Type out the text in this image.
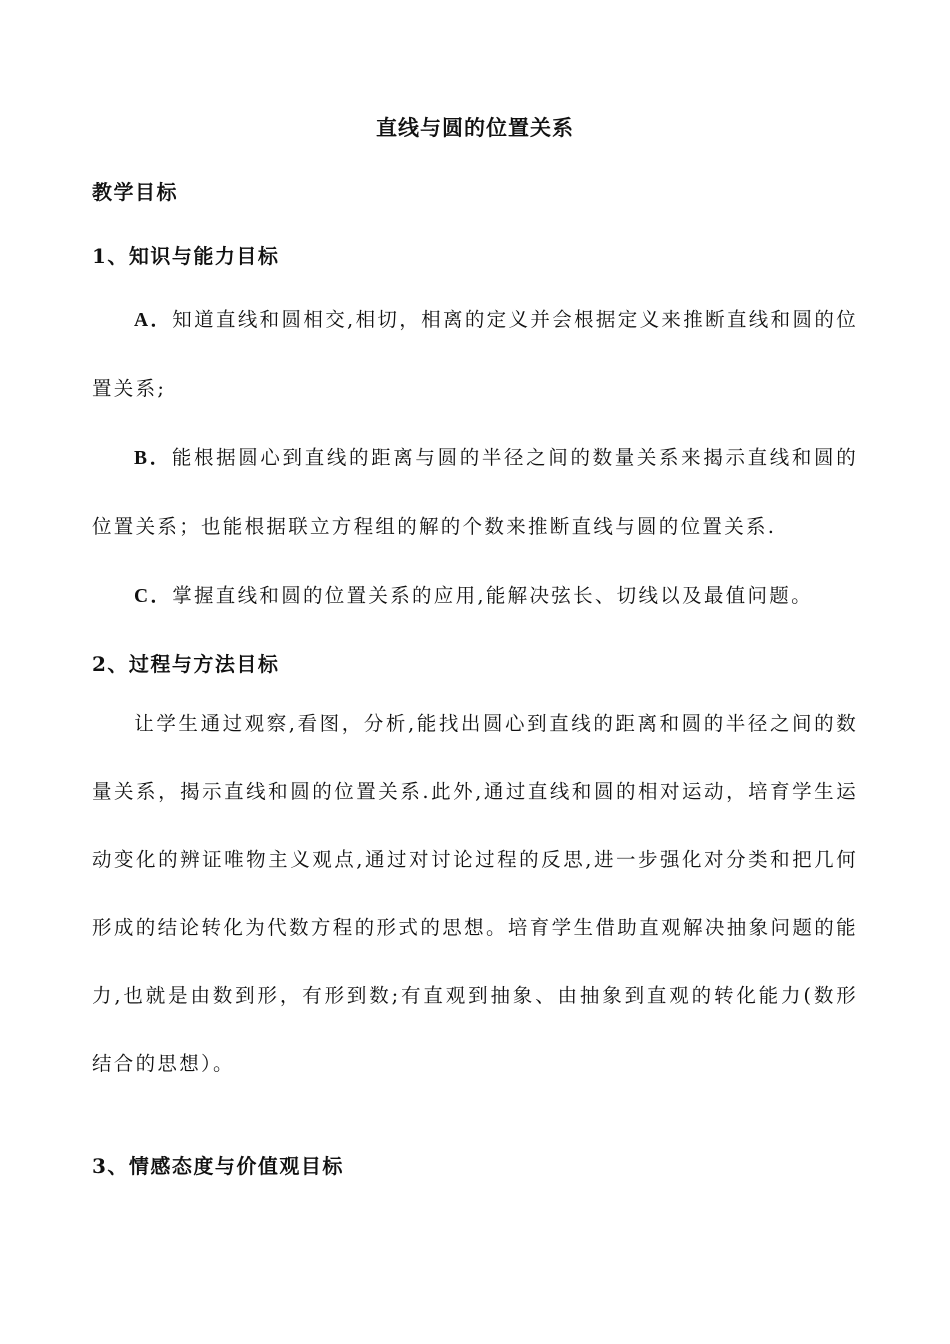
直线与圆的位置关系
教学目标
1、知识与能力目标

A．知道直线和圆相交,相切，相离的定义并会根据定义来推断直线和圆的位置关系;

B．能根据圆心到直线的距离与圆的半径之间的数量关系来揭示直线和圆的位置关系；也能根据联立方程组的解的个数来推断直线与圆的位置关系.

C．掌握直线和圆的位置关系的应用,能解决弦长、切线以及最值问题。

2、过程与方法目标

让学生通过观察,看图，分析,能找出圆心到直线的距离和圆的半径之间的数量关系，揭示直线和圆的位置关系.此外,通过直线和圆的相对运动，培育学生运动变化的辨证唯物主义观点,通过对讨论过程的反思,进一步强化对分类和把几何形成的结论转化为代数方程的形式的思想。培育学生借助直观解决抽象问题的能力,也就是由数到形，有形到数;有直观到抽象、由抽象到直观的转化能力(数形结合的思想）。

3、情感态度与价值观目标
